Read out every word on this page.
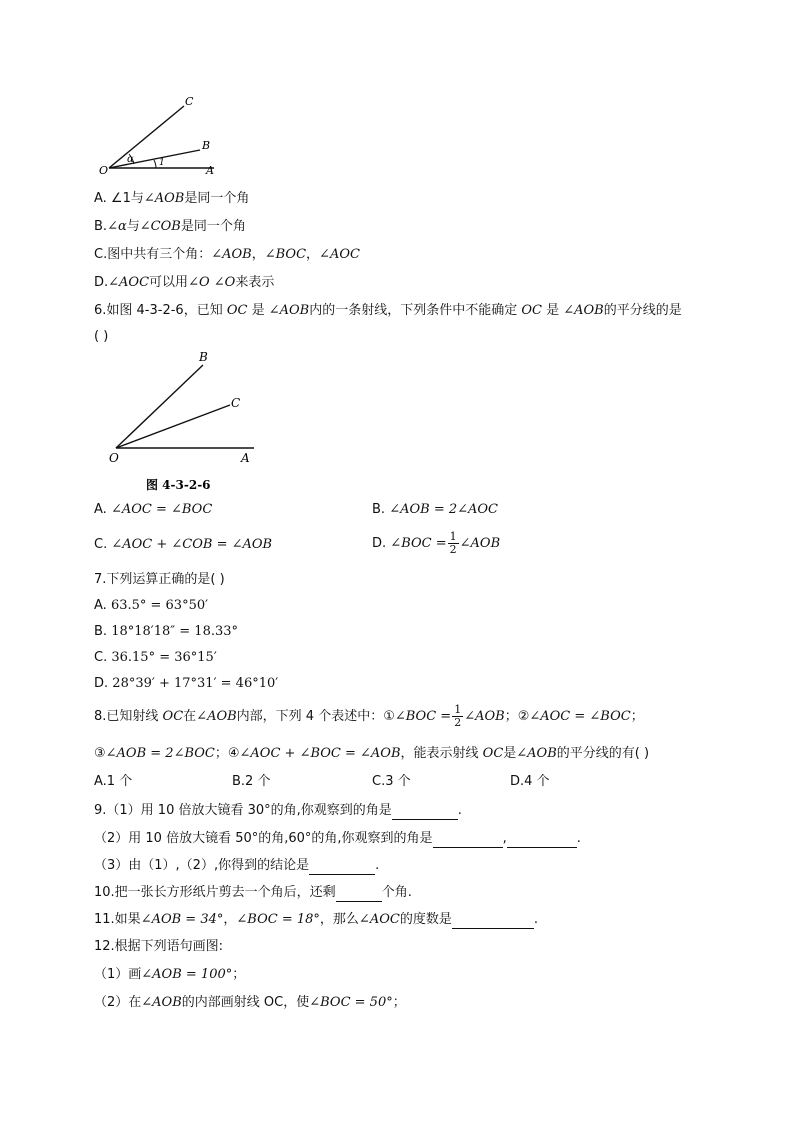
C
B
O	A
α	1
A. ∠1与∠AOB是同一个角
B.∠α与∠COB是同一个角
C.图中共有三个角：∠AOB，∠BOC，∠AOC
D.∠AOC可以用∠O ∠O来表示
6.如图 4-3-2-6，已知 OC 是 ∠AOB内的一条射线，下列条件中不能确定 OC 是 ∠AOB的平分线的是
( )
B
C
O	A
图 4-3-2-6
A. ∠AOC = ∠BOC	B. ∠AOB = 2∠AOC
C. ∠AOC + ∠COB = ∠AOB	D. ∠BOC = $\frac{1}{2}$ ∠AOB
7.下列运算正确的是( )
A. 63.5° = 63°50′
B. 18°18′18″ = 18.33°
C. 36.15° = 36°15′
D. 28°39′ + 17°31′ = 46°10′
8.已知射线 OC在∠AOB内部，下列 4 个表述中：①∠BOC = $\frac{1}{2}$ ∠AOB；②∠AOC = ∠BOC；
③∠AOB = 2∠BOC；④∠AOC + ∠BOC = ∠AOB，能表示射线 OC是∠AOB的平分线的有( )
A.1 个	B.2 个	C.3 个	D.4 个
9.（1）用 10 倍放大镜看 30°的角,你观察到的角是	.
（2）用 10 倍放大镜看 50°的角,60°的角,你观察到的角是	,	.
（3）由（1）,（2）,你得到的结论是	.
10.把一张长方形纸片剪去一个角后，还剩	个角.
11.如果∠AOB = 34°，∠BOC = 18°，那么∠AOC的度数是	.
12.根据下列语句画图:
（1）画∠AOB = 100°；
（2）在∠AOB的内部画射线 OC，使∠BOC = 50°；
